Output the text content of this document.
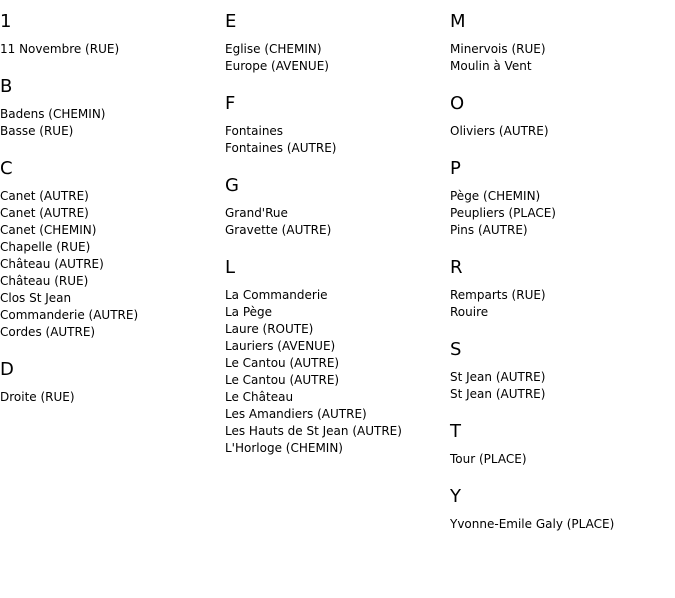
1
11 Novembre (RUE)
B
Badens (CHEMIN)
Basse (RUE)
C
Canet (AUTRE)
Canet (AUTRE)
Canet (CHEMIN)
Chapelle (RUE)
Château (AUTRE)
Château (RUE)
Clos St Jean
Commanderie (AUTRE)
Cordes (AUTRE)
D
Droite (RUE)
E
Eglise (CHEMIN)
Europe (AVENUE)
F
Fontaines
Fontaines (AUTRE)
G
Grand'Rue
Gravette (AUTRE)
L
La Commanderie
La Pège
Laure (ROUTE)
Lauriers (AVENUE)
Le Cantou (AUTRE)
Le Cantou (AUTRE)
Le Château
Les Amandiers (AUTRE)
Les Hauts de St Jean (AUTRE)
L'Horloge (CHEMIN)
M
Minervois (RUE)
Moulin à Vent
O
Oliviers (AUTRE)
P
Pège (CHEMIN)
Peupliers (PLACE)
Pins (AUTRE)
R
Remparts (RUE)
Rouire
S
St Jean (AUTRE)
St Jean (AUTRE)
T
Tour (PLACE)
Y
Yvonne-Emile Galy (PLACE)
